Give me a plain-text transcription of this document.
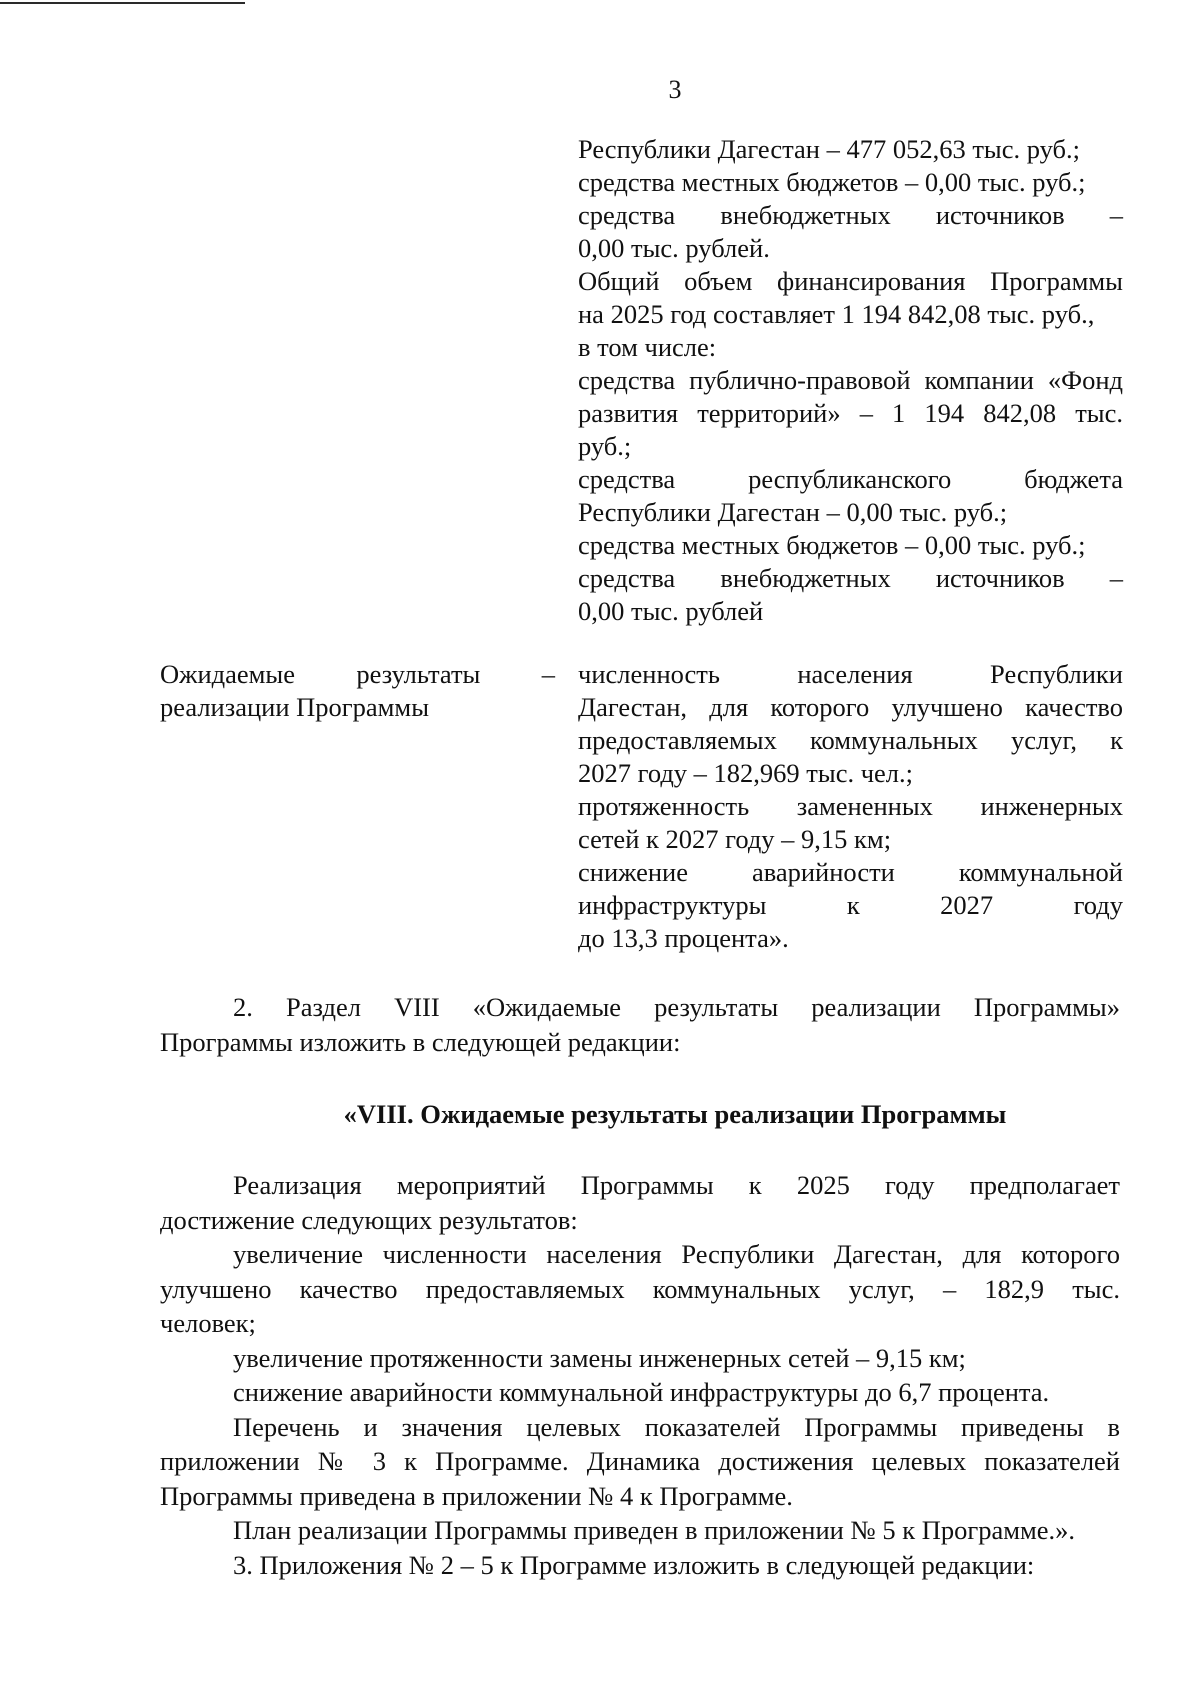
3
Республики Дагестан – 477 052,63 тыс. руб.;
средства местных бюджетов – 0,00 тыс. руб.;
средства внебюджетных источников –
0,00 тыс. рублей.
Общий объем финансирования Программы
на 2025 год составляет 1 194 842,08 тыс. руб.,
в том числе:
средства публично-правовой компании «Фонд
развития территорий» – 1 194 842,08 тыс.
руб.;
средства республиканского бюджета
Республики Дагестан – 0,00 тыс. руб.;
средства местных бюджетов – 0,00 тыс. руб.;
средства внебюджетных источников –
0,00 тыс. рублей
Ожидаемые результаты –
реализации Программы
численность населения Республики
Дагестан, для которого улучшено качество
предоставляемых коммунальных услуг, к
2027 году – 182,969 тыс. чел.;
протяженность замененных инженерных
сетей к 2027 году – 9,15 км;
снижение аварийности коммунальной
инфраструктуры к 2027 году
до 13,3 процента».
2. Раздел VIII «Ожидаемые результаты реализации Программы»
Программы изложить в следующей редакции:
«VIII. Ожидаемые результаты реализации Программы
Реализация мероприятий Программы к 2025 году предполагает
достижение следующих результатов:
увеличение численности населения Республики Дагестан, для которого
улучшено качество предоставляемых коммунальных услуг, – 182,9 тыс.
человек;
увеличение протяженности замены инженерных сетей – 9,15 км;
снижение аварийности коммунальной инфраструктуры до 6,7 процента.
Перечень и значения целевых показателей Программы приведены в
приложении № 3 к Программе. Динамика достижения целевых показателей
Программы приведена в приложении № 4 к Программе.
План реализации Программы приведен в приложении № 5 к Программе.».
3. Приложения № 2 – 5 к Программе изложить в следующей редакции:
